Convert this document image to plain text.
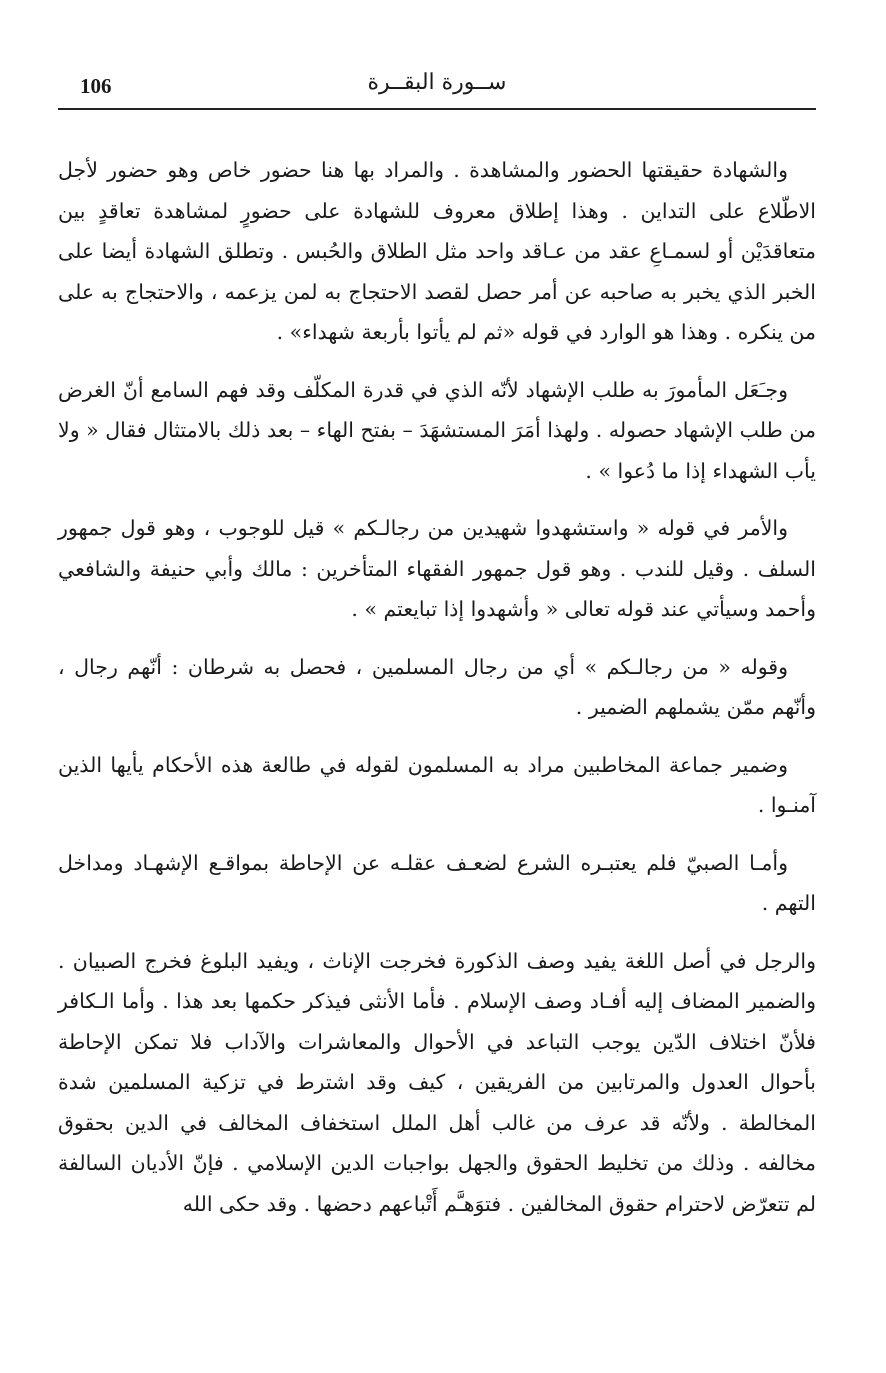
106	ســورة البقــرة

والشهادة حقيقتها الحضور والمشاهدة . والمراد بها هنا حضور خاص وهو حضور لأجل الاطّلاع على التداين . وهذا إطلاق معروف للشهادة على حضورٍ لمشاهدة تعاقدٍ بين متعاقدَيْن أو لسمـاعِ عقد من عـاقد واحد مثل الطلاق والحُبس . وتطلق الشهادة أيضا على الخبر الذي يخبر به صاحبه عن أمر حصل لقصد الاحتجاج به لمن يزعمه ، والاحتجاج به على من ينكره . وهذا هو الوارد في قوله «ثم لم يأتوا بأربعة شهداء» .

وجـَعَل المأمورَ به طلب الإشهاد لأنّه الذي في قدرة المكلّف وقد فهم السامع أنّ الغرض من طلب الإشهاد حصوله . ولهذا أمَرَ المستشهَدَ – بفتح الهاء – بعد ذلك بالامتثال فقال « ولا يأب الشهداء إذا ما دُعوا » .

والأمر في قوله « واستشهدوا شهيدين من رجالـكم » قيل للوجوب ، وهو قول جمهور السلف . وقيل للندب . وهو قول جمهور الفقهاء المتأخرين : مالك وأبي حنيفة والشافعي وأحمد وسيأتي عند قوله تعالى « وأشهدوا إذا تبايعتم » .

وقوله « من رجالـكم » أي من رجال المسلمين ، فحصل به شرطان : أنّهم رجال ، وأنّهم ممّن يشملهم الضمير .

وضمير جماعة المخاطبين مراد به المسلمون لقوله في طالعة هذه الأحكام يأيها الذين آمنـوا .

وأمـا الصبيّ فلم يعتبـره الشرع لضعـف عقلـه عن الإحاطة بمواقـع الإشهـاد ومداخل التهم .

والرجل في أصل اللغة يفيد وصف الذكورة فخرجت الإناث ، ويفيد البلوغ فخرج الصبيان . والضمير المضاف إليه أفـاد وصف الإسلام . فأما الأنثى فيذكر حكمها بعد هذا . وأما الـكافر فلأنّ اختلاف الدّين يوجب التباعد في الأحوال والمعاشرات والآداب فلا تمكن الإحاطة بأحوال العدول والمرتابين من الفريقين ، كيف وقد اشترط في تزكية المسلمين شدة المخالطة . ولأنّه قد عرف من غالب أهل الملل استخفاف المخالف في الدين بحقوق مخالفه . وذلك من تخليط الحقوق والجهل بواجبات الدين الإسلامي . فإنّ الأديان السالفة لم تتعرّض لاحترام حقوق المخالفين . فتوَهـَّم أَتْباعهم دحضها . وقد حكى الله
